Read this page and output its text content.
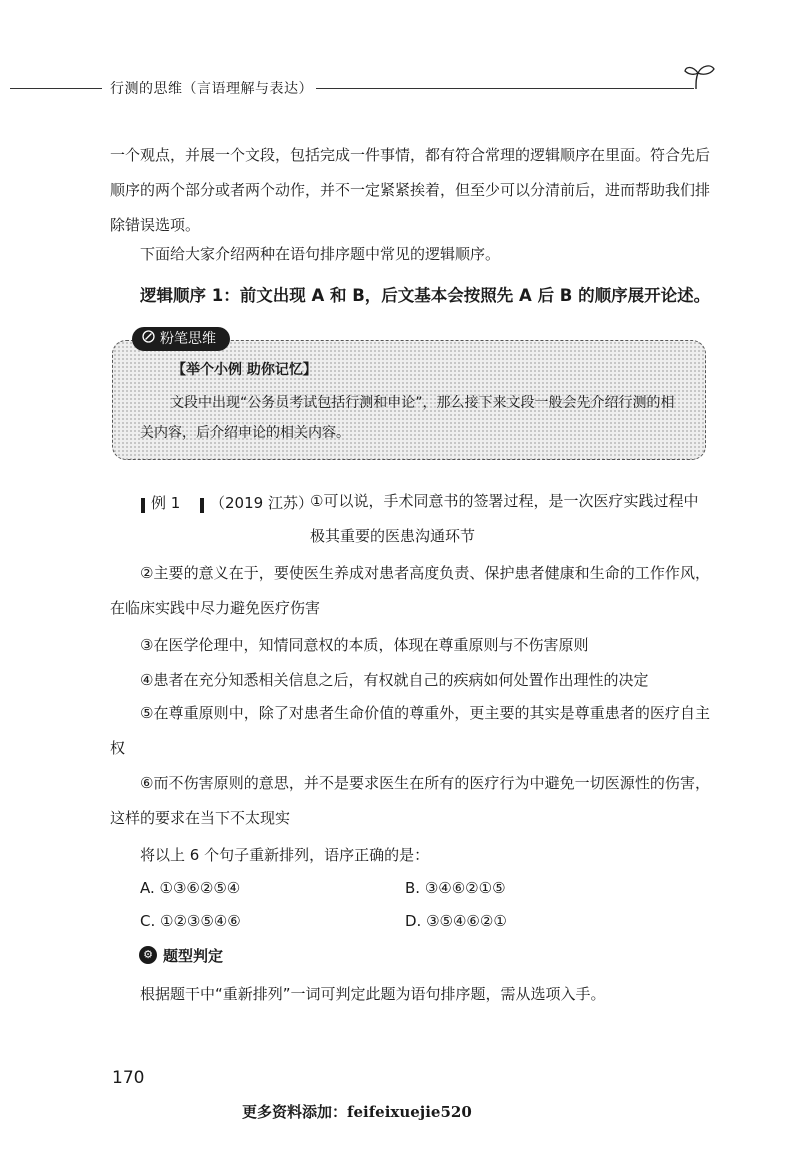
行测的思维（言语理解与表达）
一个观点，并展一个文段，包括完成一件事情，都有符合常理的逻辑顺序在里面。符合先后顺序的两个部分或者两个动作，并不一定紧紧挨着，但至少可以分清前后，进而帮助我们排除错误选项。
下面给大家介绍两种在语句排序题中常见的逻辑顺序。
逻辑顺序 1：前文出现 A 和 B，后文基本会按照先 A 后 B 的顺序展开论述。
粉笔思维
【举个小例 助你记忆】
文段中出现“公务员考试包括行测和申论”，那么接下来文段一般会先介绍行测的相关内容，后介绍申论的相关内容。
例 1 （2019 江苏）
①可以说，手术同意书的签署过程，是一次医疗实践过程中极其重要的医患沟通环节
②主要的意义在于，要使医生养成对患者高度负责、保护患者健康和生命的工作作风，在临床实践中尽力避免医疗伤害
③在医学伦理中，知情同意权的本质，体现在尊重原则与不伤害原则
④患者在充分知悉相关信息之后，有权就自己的疾病如何处置作出理性的决定
⑤在尊重原则中，除了对患者生命价值的尊重外，更主要的其实是尊重患者的医疗自主权
⑥而不伤害原则的意思，并不是要求医生在所有的医疗行为中避免一切医源性的伤害，这样的要求在当下不太现实
将以上 6 个句子重新排列，语序正确的是：
A. ①③⑥②⑤④	B. ③④⑥②①⑤
C. ①②③⑤④⑥	D. ③⑤④⑥②①
⚙ 题型判定
根据题干中“重新排列”一词可判定此题为语句排序题，需从选项入手。
170
更多资料添加：feifeixuejie520
